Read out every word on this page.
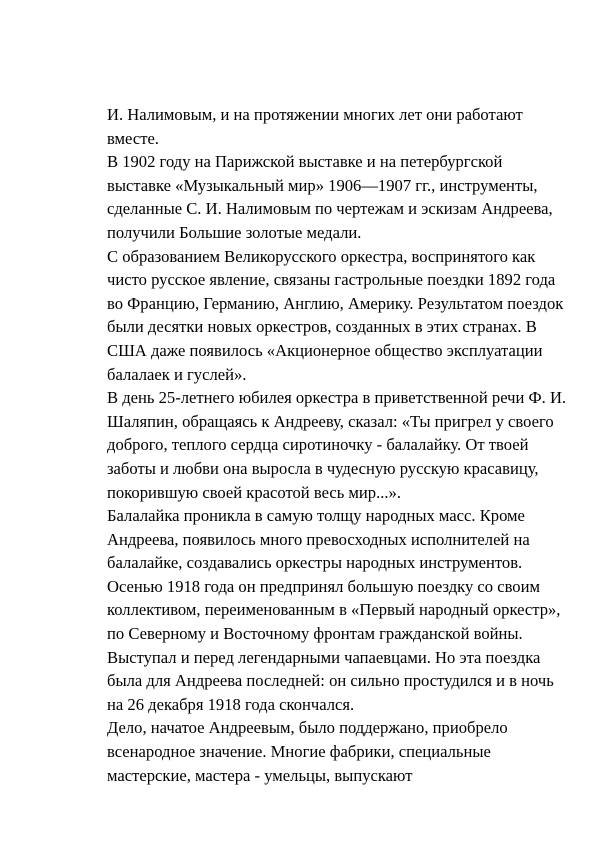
И. Налимовым, и на протяжении многих лет они работают
вместе.
В 1902 году на Парижской выставке и на петербургской
выставке «Музыкальный мир» 1906—1907 гг., инструменты,
сделанные С. И. Налимовым по чертежам и эскизам Андреева,
получили Большие золотые медали.
С образованием Великорусского оркестра, воспринятого как
чисто русское явление, связаны гастрольные поездки 1892 года
во Францию, Германию, Англию, Америку. Результатом поездок
были десятки новых оркестров, созданных в этих странах. В
США даже появилось «Акционерное общество эксплуатации
балалаек и гуслей».
В день 25-летнего юбилея оркестра в приветственной речи Ф. И.
Шаляпин, обращаясь к Андрееву, сказал: «Ты пригрел у своего
доброго, теплого сердца сиротиночку - балалайку. От твоей
заботы и любви она выросла в чудесную русскую красавицу,
покорившую своей красотой весь мир...».
Балалайка проникла в самую толщу народных масс. Кроме
Андреева, появилось много превосходных исполнителей на
балалайке, создавались оркестры народных инструментов.
Осенью 1918 года он предпринял большую поездку со своим
коллективом, переименованным в «Первый народный оркестр»,
по Северному и Восточному фронтам гражданской войны.
Выступал и перед легендарными чапаевцами. Но эта поездка
была для Андреева последней: он сильно простудился и в ночь
на 26 декабря 1918 года скончался.
Дело, начатое Андреевым, было поддержано, приобрело
всенародное значение. Многие фабрики, специальные
мастерские, мастера - умельцы, выпускают
